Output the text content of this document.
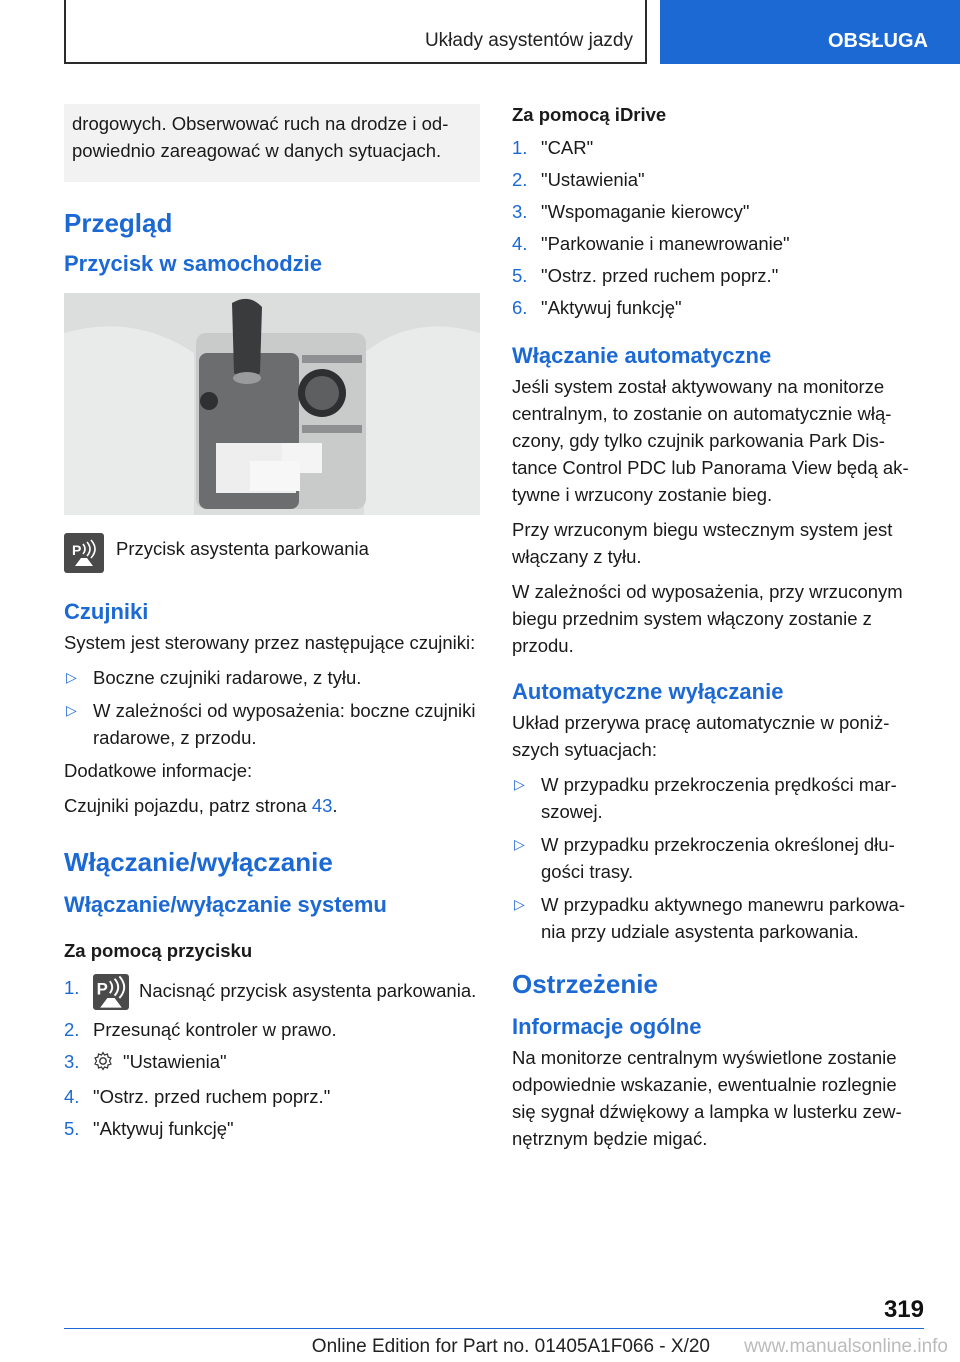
Układy asystentów jazdy	OBSŁUGA
drogowych. Obserwować ruch na drodze i odpowiednio zareagować w danych sytuacjach.
Przegląd
Przycisk w samochodzie
P Przycisk asystenta parkowania
Czujniki

System jest sterowany przez następujące czujniki:

▷ Boczne czujniki radarowe, z tyłu.
▷ W zależności od wyposażenia: boczne czujniki radarowe, z przodu.

Dodatkowe informacje:

Czujniki pojazdu, patrz strona 43.

Włączanie/wyłączanie
Włączanie/wyłączanie systemu
Za pomocą przycisku
1. P Nacisnąć przycisk asystenta parkowania.
2. Przesunąć kontroler w prawo.
3. "Ustawienia"
4. "Ostrz. przed ruchem poprz."
5. "Aktywuj funkcję"
Za pomocą iDrive
1. "CAR"
2. "Ustawienia"
3. "Wspomaganie kierowcy"
4. "Parkowanie i manewrowanie"
5. "Ostrz. przed ruchem poprz."
6. "Aktywuj funkcję"
Włączanie automatyczne

Jeśli system został aktywowany na monitorze centralnym, to zostanie on automatycznie włączony, gdy tylko czujnik parkowania Park Distance Control PDC lub Panorama View będą aktywne i wrzucony zostanie bieg.

Przy wrzuconym biegu wstecznym system jest włączany z tyłu.

W zależności od wyposażenia, przy wrzuconym biegu przednim system włączony zostanie z przodu.

Automatyczne wyłączanie

Układ przerywa pracę automatycznie w poniższych sytuacjach:

▷ W przypadku przekroczenia prędkości marszowej.
▷ W przypadku przekroczenia określonej długości trasy.
▷ W przypadku aktywnego manewru parkowania przy udziale asystenta parkowania.
Ostrzeżenie
Informacje ogólne

Na monitorze centralnym wyświetlone zostanie odpowiednie wskazanie, ewentualnie rozlegnie się sygnał dźwiękowy a lampka w lusterku zewnętrznym będzie migać.

319
Online Edition for Part no. 01405A1F066 - X/20 www.manualsonline.info
